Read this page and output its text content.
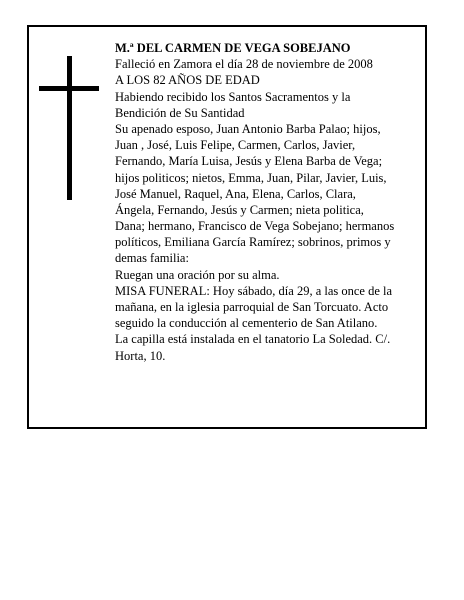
M.ª DEL CARMEN DE VEGA SOBEJANO
Falleció en Zamora el día 28 de noviembre de 2008
A LOS 82 AÑOS DE EDAD
Habiendo recibido los Santos Sacramentos y la
Bendición de Su Santidad
Su apenado esposo, Juan Antonio Barba Palao; hijos,
Juan , José, Luis Felipe, Carmen, Carlos, Javier,
Fernando, María Luisa, Jesús y Elena Barba de Vega;
hijos politicos; nietos, Emma, Juan, Pilar, Javier, Luis,
José Manuel, Raquel, Ana, Elena, Carlos, Clara,
Ángela, Fernando, Jesús y Carmen; nieta politica,
Dana; hermano, Francisco de Vega Sobejano; hermanos
políticos, Emiliana García Ramírez; sobrinos, primos y
demas familia:
Ruegan una oración por su alma.
MISA FUNERAL: Hoy sábado, día 29, a las once de la
mañana, en la iglesia parroquial de San Torcuato. Acto
seguido la conducción al cementerio de San Atilano.
La capilla está instalada en el tanatorio La Soledad. C/.
Horta, 10.
